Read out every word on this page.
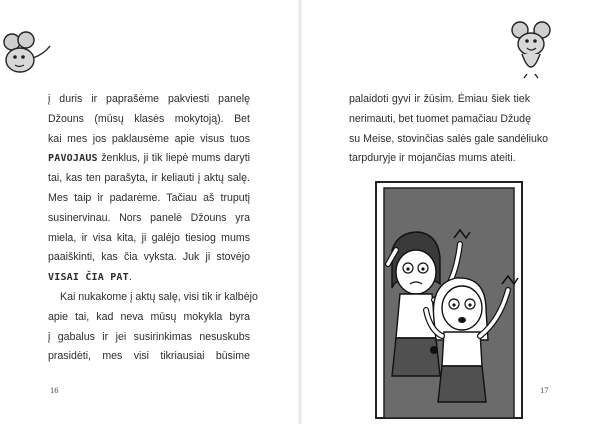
į duris ir paprašėme pakviesti panelę
Džouns (mūsų klasės mokytoją). Bet
kai mes jos paklausėme apie visus tuos
PAVOJAUS ženklus, ji tik liepė mums daryti
tai, kas ten parašyta, ir keliauti į aktų salę.
Mes taip ir padarėme. Tačiau aš truputį
susinervinau. Nors panelė Džouns yra
miela, ir visa kita, ji galėjo tiesiog mums
paaiškinti, kas čia vyksta. Juk ji stovėjo
VISAI ČIA PAT.
Kai nukakome į aktų salę, visi tik ir kalbėjo
apie tai, kad neva mūsų mokykla byra
į gabalus ir jei susirinkimas nesuskubs
prasidėti, mes visi tikriausiai būsime
16
palaidoti gyvi ir žūsim. Ėmiau šiek tiek
nerimauti, bet tuomet pamačiau Džudę
su Meise, stovinčias salės gale sandėliuko
tarpduryje ir mojančias mums ateiti.
17
